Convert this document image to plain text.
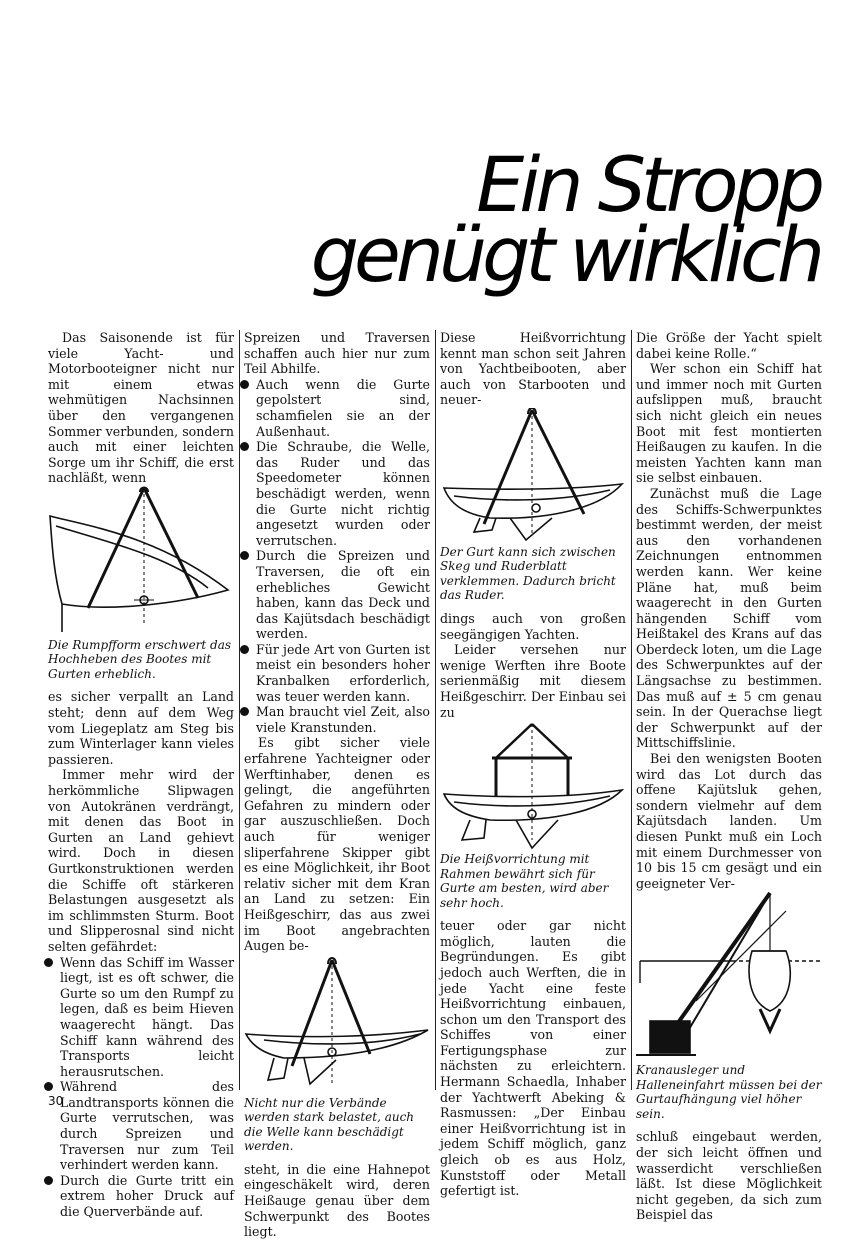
Ein Stropp
genügt wirklich

Das Saisonende ist für viele Yacht- und Motorbooteigner nicht nur mit einem etwas wehmütigen Nachsinnen über den vergangenen Sommer verbunden, sondern auch mit einer leichten Sorge um ihr Schiff, die erst nachläßt, wenn

Die Rumpfform erschwert das Hochheben des Bootes mit Gurten erheblich.

es sicher verpallt an Land steht; denn auf dem Weg vom Liegeplatz am Steg bis zum Winterlager kann vieles passieren.

Immer mehr wird der herkömmliche Slipwagen von Autokränen verdrängt, mit denen das Boot in Gurten an Land gehievt wird. Doch in diesen Gurtkonstruktionen werden die Schiffe oft stärkeren Belastungen ausgesetzt als im schlimmsten Sturm. Boot und Slipperosnal sind nicht selten gefährdet:

Wenn das Schiff im Wasser liegt, ist es oft schwer, die Gurte so um den Rumpf zu legen, daß es beim Hieven waagerecht hängt. Das Schiff kann während des Transports leicht herausrutschen.
Während des Landtransports können die Gurte verrutschen, was durch Spreizen und Traversen nur zum Teil verhindert werden kann.
Durch die Gurte tritt ein extrem hoher Druck auf die Querverbände auf.

Spreizen und Traversen schaffen auch hier nur zum Teil Abhilfe.

Auch wenn die Gurte gepolstert sind, schamfielen sie an der Außenhaut.
Die Schraube, die Welle, das Ruder und das Speedometer können beschädigt werden, wenn die Gurte nicht richtig angesetzt wurden oder verrutschen.
Durch die Spreizen und Traversen, die oft ein erhebliches Gewicht haben, kann das Deck und das Kajütsdach beschädigt werden.
Für jede Art von Gurten ist meist ein besonders hoher Kranbalken erforderlich, was teuer werden kann.
Man braucht viel Zeit, also viele Kranstunden.

Es gibt sicher viele erfahrene Yachteigner oder Werftinhaber, denen es gelingt, die angeführten Gefahren zu mindern oder gar auszuschließen. Doch auch für weniger sliperfahrene Skipper gibt es eine Möglichkeit, ihr Boot relativ sicher mit dem Kran an Land zu setzen: Ein Heißgeschirr, das aus zwei im Boot angebrachten Augen be-

Nicht nur die Verbände werden stark belastet, auch die Welle kann beschädigt werden.

steht, in die eine Hahnepot eingeschäkelt wird, deren Heißauge genau über dem Schwerpunkt des Bootes liegt.

Diese Heißvorrichtung kennt man schon seit Jahren von Yachtbeibooten, aber auch von Starbooten und neuer-

Der Gurt kann sich zwischen Skeg und Ruderblatt verklemmen. Dadurch bricht das Ruder.

dings auch von großen seegängigen Yachten.

Leider versehen nur wenige Werften ihre Boote serienmäßig mit diesem Heißgeschirr. Der Einbau sei zu

Die Heißvorrichtung mit Rahmen bewährt sich für Gurte am besten, wird aber sehr hoch.

teuer oder gar nicht möglich, lauten die Begründungen. Es gibt jedoch auch Werften, die in jede Yacht eine feste Heißvorrichtung einbauen, schon um den Transport des Schiffes von einer Fertigungsphase zur nächsten zu erleichtern. Hermann Schaedla, Inhaber der Yachtwerft Abeking & Rasmussen: „Der Einbau einer Heißvorrichtung ist in jedem Schiff möglich, ganz gleich ob es aus Holz, Kunststoff oder Metall gefertigt ist.

Die Größe der Yacht spielt dabei keine Rolle.“

Wer schon ein Schiff hat und immer noch mit Gurten aufslippen muß, braucht sich nicht gleich ein neues Boot mit fest montierten Heißaugen zu kaufen. In die meisten Yachten kann man sie selbst einbauen.

Zunächst muß die Lage des Schiffs-Schwerpunktes bestimmt werden, der meist aus den vorhandenen Zeichnungen entnommen werden kann. Wer keine Pläne hat, muß beim waagerecht in den Gurten hängenden Schiff vom Heißtakel des Krans auf das Oberdeck loten, um die Lage des Schwerpunktes auf der Längsachse zu bestimmen. Das muß auf ± 5 cm genau sein. In der Querachse liegt der Schwerpunkt auf der Mittschiffslinie.

Bei den wenigsten Booten wird das Lot durch das offene Kajütsluk gehen, sondern vielmehr auf dem Kajütsdach landen. Um diesen Punkt muß ein Loch mit einem Durchmesser von 10 bis 15 cm gesägt und ein geeigneter Ver-

Kranausleger und Halleneinfahrt müssen bei der Gurtaufhängung viel höher sein.

schluß eingebaut werden, der sich leicht öffnen und wasserdicht verschließen läßt. Ist diese Möglichkeit nicht gegeben, da sich zum Beispiel das

30
